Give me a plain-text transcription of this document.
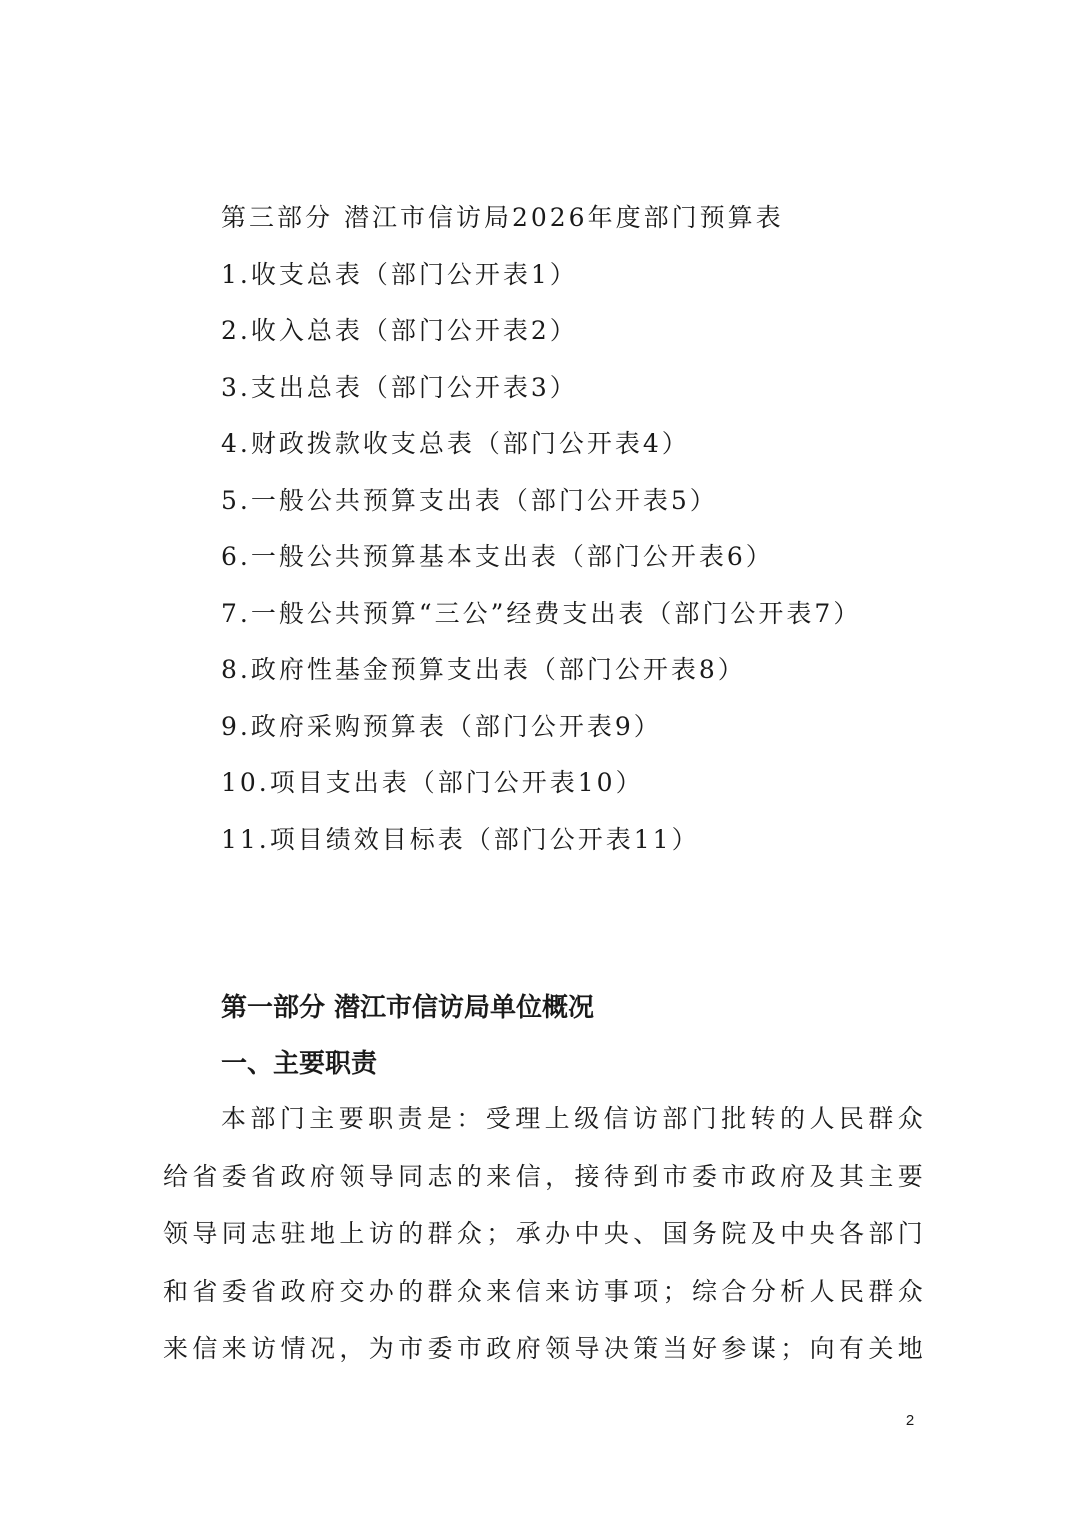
第三部分 潜江市信访局2026年度部门预算表
1.收支总表（部门公开表1）
2.收入总表（部门公开表2）
3.支出总表（部门公开表3）
4.财政拨款收支总表（部门公开表4）
5.一般公共预算支出表（部门公开表5）
6.一般公共预算基本支出表（部门公开表6）
7.一般公共预算“三公”经费支出表（部门公开表7）
8.政府性基金预算支出表（部门公开表8）
9.政府采购预算表（部门公开表9）
10.项目支出表（部门公开表10）
11.项目绩效目标表（部门公开表11）
第一部分 潜江市信访局单位概况
一、主要职责
本 部 门 主 要 职 责 是 ： 受 理 上 级 信 访 部 门 批 转 的 人 民 群 众
给 省 委 省 政 府 领 导 同 志 的 来 信 ， 接 待 到 市 委 市 政 府 及 其 主 要
领 导 同 志 驻 地 上 访 的 群 众 ； 承 办 中 央 、 国 务 院 及 中 央 各 部 门
和 省 委 省 政 府 交 办 的 群 众 来 信 来 访 事 项 ； 综 合 分 析 人 民 群 众
来 信 来 访 情 况 ， 为 市 委 市 政 府 领 导 决 策 当 好 参 谋 ； 向 有 关 地
2
